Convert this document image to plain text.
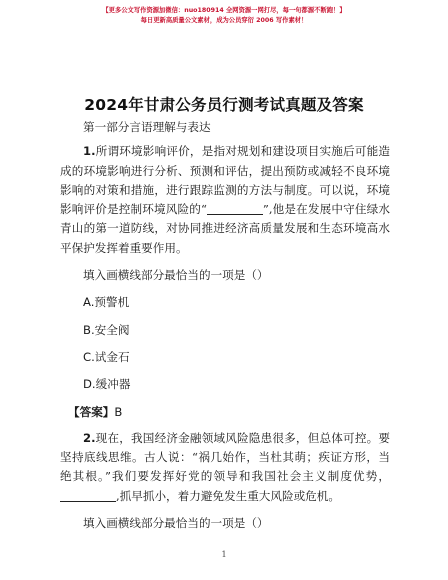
【更多公文写作资源加微信：nuo180914 全网资源一网打尽，每一句都源不断跑！】
每日更新高质量公文素材，成为公员穿衍 2006 写作素材！
2024年甘肃公务员行测考试真题及答案

第一部分言语理解与表达

1.所谓环境影响评价，是指对规划和建设项目实施后可能造成的环境影响进行分析、预测和评估，提出预防或减轻不良环境影响的对策和措施，进行跟踪监测的方法与制度。可以说，环境影响评价是控制环境风险的“	”,他是在发展中守住绿水青山的第一道防线，对协同推进经济高质量发展和生态环境高水平保护发挥着重要作用。

填入画横线部分最恰当的一项是（）

A.预警机

B.安全阀

C.试金石

D.缓冲器

【答案】B

2.现在，我国经济金融领域风险隐患很多，但总体可控。要坚持底线思维。古人说：“祸几始作，当杜其萌；疾证方形，当绝其根。”我们要发挥好党的领导和我国社会主义制度优势，,抓早抓小，着力避免发生重大风险或危机。

填入画横线部分最恰当的一项是（）

1
